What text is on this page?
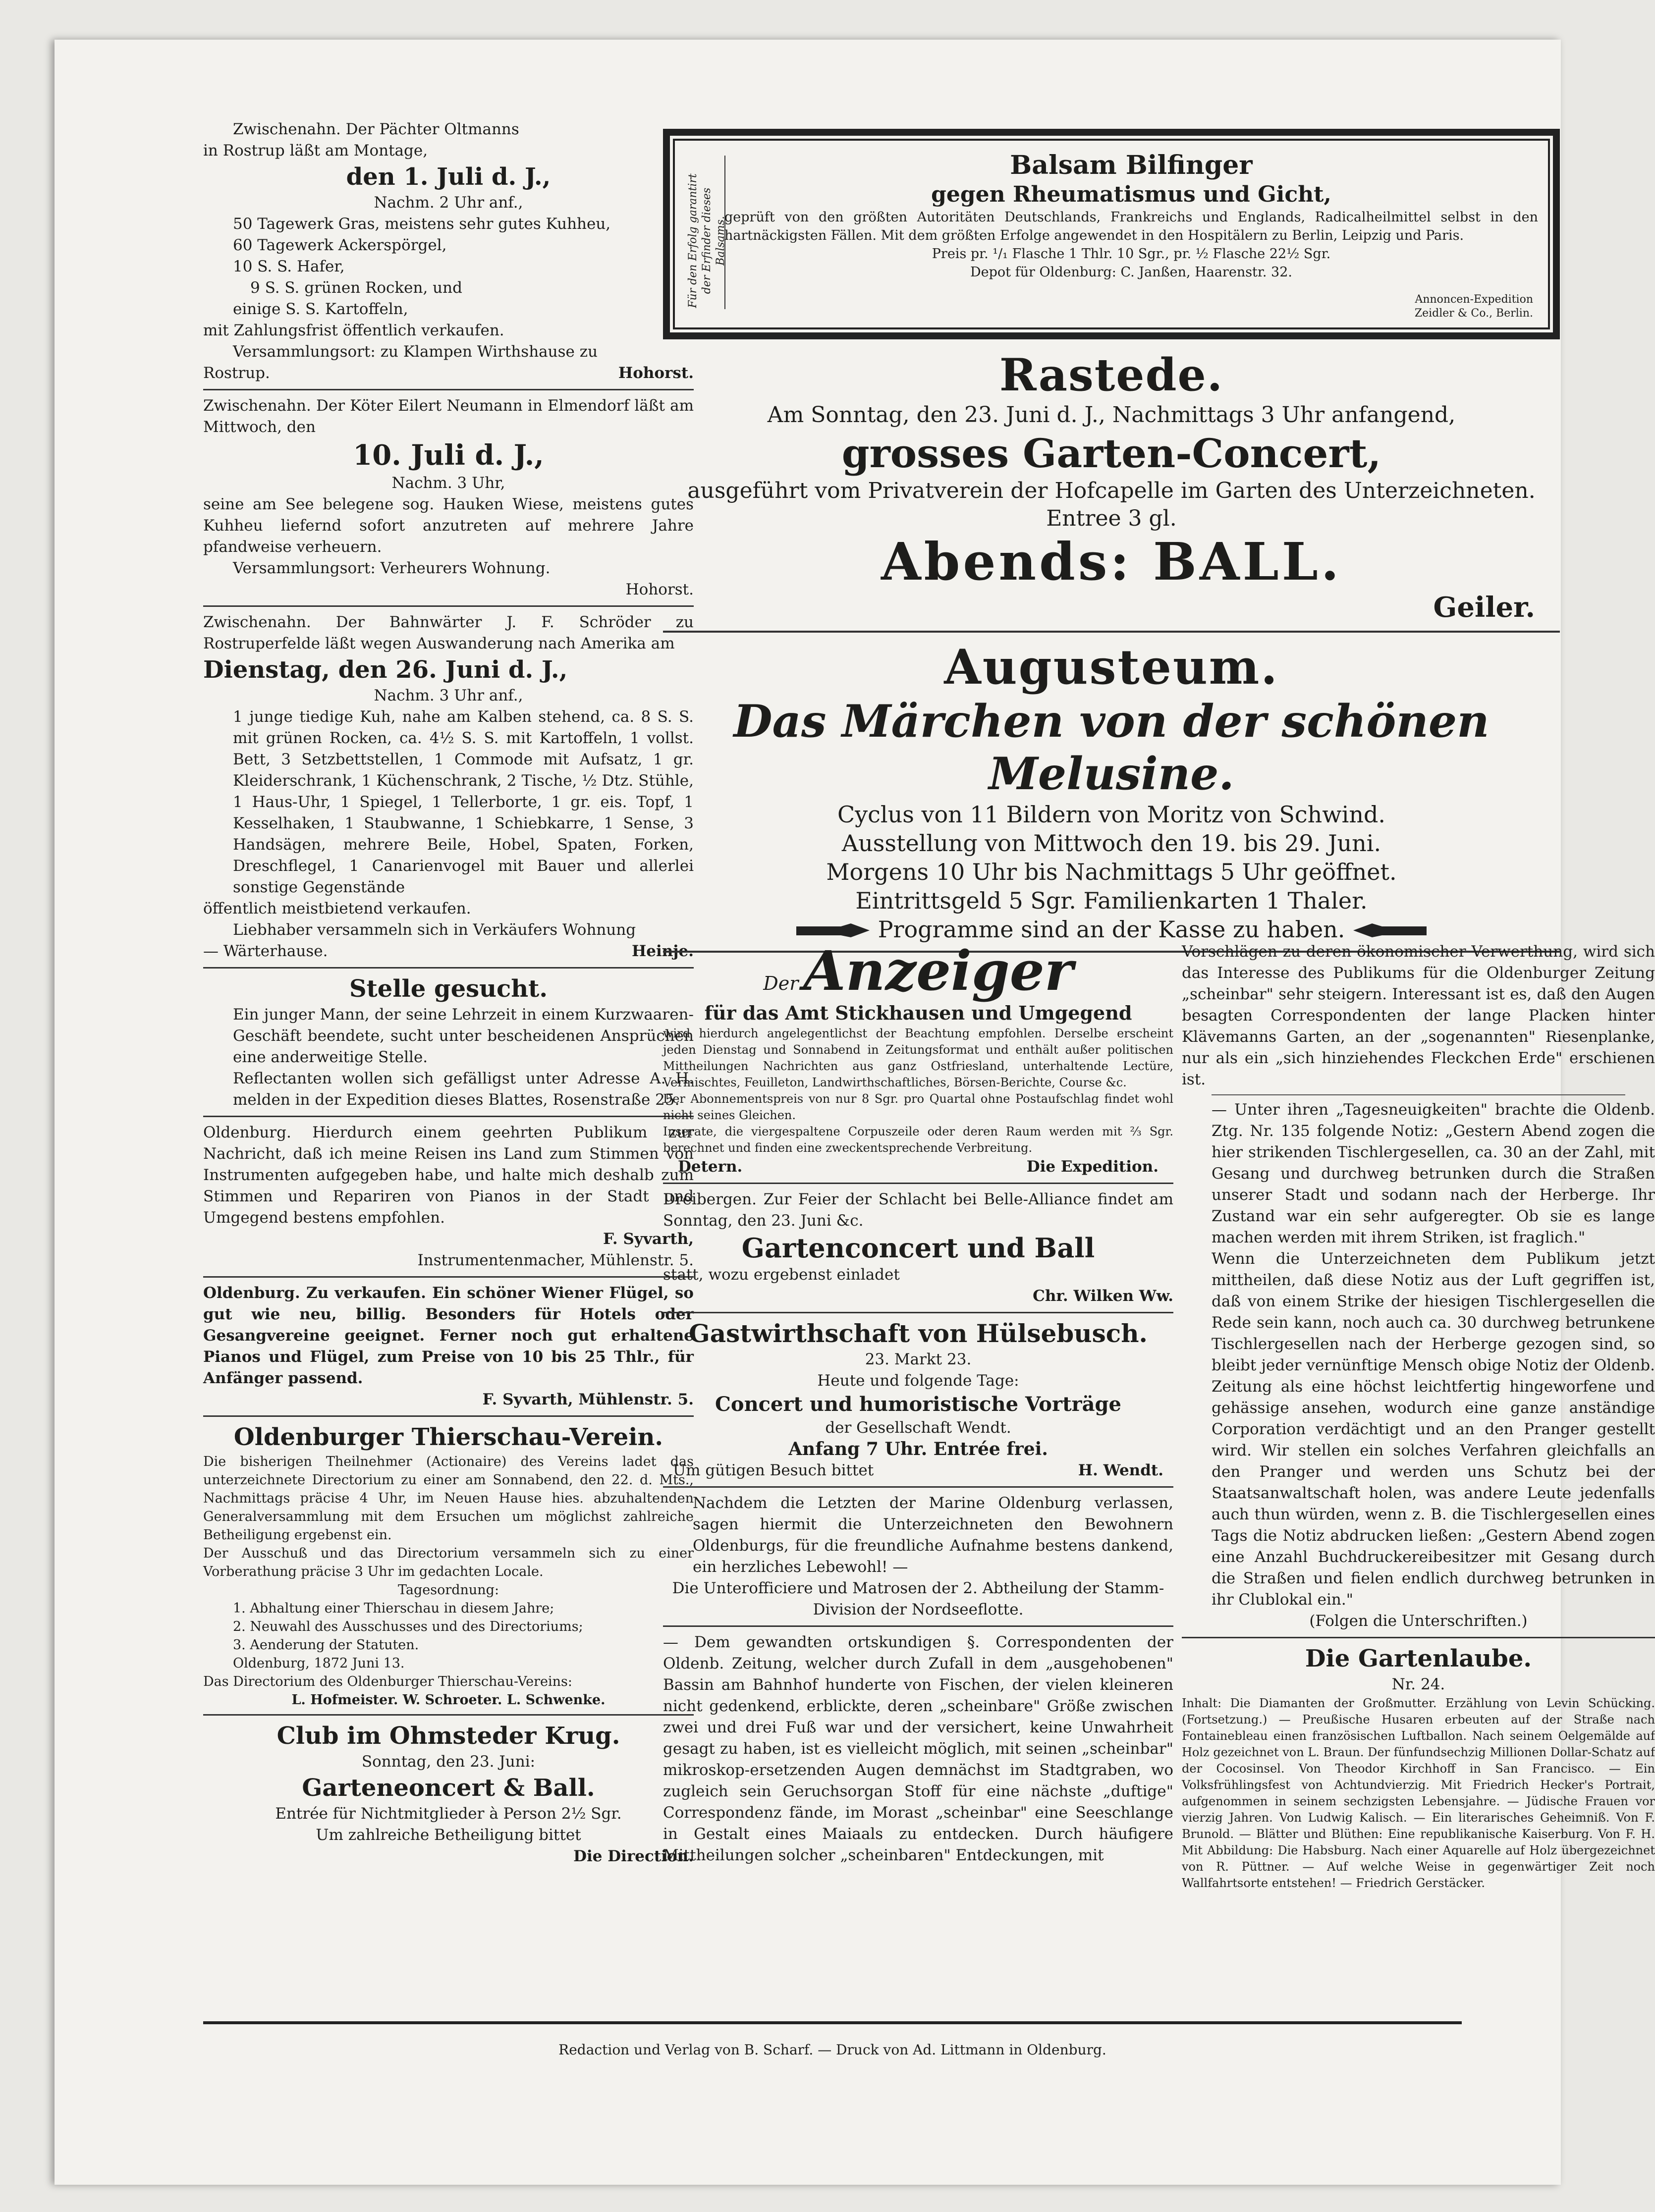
Zwischenahn. Der Pächter Oltmanns

in Rostrup läßt am Montage,

den 1. Juli d. J.,

Nachm. 2 Uhr anf.,

50 Tagewerk Gras, meistens sehr gutes Kuhheu,

60 Tagewerk Ackerspörgel,

10 S. S. Hafer,

9 S. S. grünen Rocken, und

einige S. S. Kartoffeln,

mit Zahlungsfrist öffentlich verkaufen.

Versammlungsort: zu Klampen Wirthshause zu

Rostrup.	Hohorst.

Zwischenahn. Der Köter Eilert Neumann in Elmendorf läßt am Mittwoch, den

10. Juli d. J.,

Nachm. 3 Uhr,

seine am See belegene sog. Hauken Wiese, meistens gutes Kuhheu liefernd sofort anzutreten auf mehrere Jahre pfandweise verheuern.

Versammlungsort: Verheurers Wohnung.

Hohorst.

Zwischenahn. Der Bahnwärter J. F. Schröder zu Rostruperfelde läßt wegen Auswanderung nach Amerika am

Dienstag, den 26. Juni d. J.,

Nachm. 3 Uhr anf.,

1 junge tiedige Kuh, nahe am Kalben stehend, ca. 8 S. S. mit grünen Rocken, ca. 4½ S. S. mit Kartoffeln, 1 vollst. Bett, 3 Setzbettstellen, 1 Commode mit Aufsatz, 1 gr. Kleiderschrank, 1 Küchenschrank, 2 Tische, ½ Dtz. Stühle, 1 Haus-Uhr, 1 Spiegel, 1 Tellerborte, 1 gr. eis. Topf, 1 Kesselhaken, 1 Staubwanne, 1 Schiebkarre, 1 Sense, 3 Handsägen, mehrere Beile, Hobel, Spaten, Forken, Dreschflegel, 1 Canarienvogel mit Bauer und allerlei sonstige Gegenstände

öffentlich meistbietend verkaufen.

Liebhaber versammeln sich in Verkäufers Wohnung

— Wärterhause.	Heinje.

Stelle gesucht.

Ein junger Mann, der seine Lehrzeit in einem Kurzwaaren-Geschäft beendete, sucht unter bescheidenen Ansprüchen eine anderweitige Stelle.

Reflectanten wollen sich gefälligst unter Adresse A. H. melden in der Expedition dieses Blattes, Rosenstraße 25.

Oldenburg. Hierdurch einem geehrten Publikum zur Nachricht, daß ich meine Reisen ins Land zum Stimmen von Instrumenten aufgegeben habe, und halte mich deshalb zum Stimmen und Repariren von Pianos in der Stadt und Umgegend bestens empfohlen.

F. Syvarth,

Instrumentenmacher, Mühlenstr. 5.

Oldenburg. Zu verkaufen. Ein schöner Wiener Flügel, so gut wie neu, billig. Besonders für Hotels oder Gesangvereine geeignet. Ferner noch gut erhaltene Pianos und Flügel, zum Preise von 10 bis 25 Thlr., für Anfänger passend.

F. Syvarth, Mühlenstr. 5.

Oldenburger Thierschau-Verein.

Die bisherigen Theilnehmer (Actionaire) des Vereins ladet das unterzeichnete Directorium zu einer am Sonnabend, den 22. d. Mts., Nachmittags präcise 4 Uhr, im Neuen Hause hies. abzuhaltenden Generalversammlung mit dem Ersuchen um möglichst zahlreiche Betheiligung ergebenst ein.

Der Ausschuß und das Directorium versammeln sich zu einer Vorberathung präcise 3 Uhr im gedachten Locale.

Tagesordnung:

1. Abhaltung einer Thierschau in diesem Jahre;

2. Neuwahl des Ausschusses und des Directoriums;

3. Aenderung der Statuten.

Oldenburg, 1872 Juni 13.

Das Directorium des Oldenburger Thierschau-Vereins:

L. Hofmeister. W. Schroeter. L. Schwenke.

Club im Ohmsteder Krug.

Sonntag, den 23. Juni:

Garteneoncert & Ball.

Entrée für Nichtmitglieder à Person 2½ Sgr.

Um zahlreiche Betheiligung bittet

Die Direction.

Für den Erfolg garantirt der Erfinder dieses Balsams.

Balsam Bilfinger

gegen Rheumatismus und Gicht,

geprüft von den größten Autoritäten Deutschlands, Frankreichs und Englands, Radicalheilmittel selbst in den hartnäckigsten Fällen. Mit dem größten Erfolge angewendet in den Hospitälern zu Berlin, Leipzig und Paris.

Preis pr. ¹/₁ Flasche 1 Thlr. 10 Sgr., pr. ½ Flasche 22½ Sgr.

Depot für Oldenburg: C. Janßen, Haarenstr. 32.

Annoncen-Expedition
Zeidler & Co., Berlin.

Rastede.

Am Sonntag, den 23. Juni d. J., Nachmittags 3 Uhr anfangend,

grosses Garten-Concert,

ausgeführt vom Privatverein der Hofcapelle im Garten des Unterzeichneten.

Entree 3 gl.

Abends: BALL.

Geiler.

Augusteum.

Das Märchen von der schönen Melusine.

Cyclus von 11 Bildern von Moritz von Schwind.

Ausstellung von Mittwoch den 19. bis 29. Juni.

Morgens 10 Uhr bis Nachmittags 5 Uhr geöffnet.

Eintrittsgeld 5 Sgr. Familienkarten 1 Thaler.

Programme sind an der Kasse zu haben.

Der Anzeiger

für das Amt Stickhausen und Umgegend

wird hierdurch angelegentlichst der Beachtung empfohlen. Derselbe erscheint jeden Dienstag und Sonnabend in Zeitungsformat und enthält außer politischen Mittheilungen Nachrichten aus ganz Ostfriesland, unterhaltende Lectüre, Vermischtes, Feuilleton, Landwirthschaftliches, Börsen-Berichte, Course &c.

Der Abonnementspreis von nur 8 Sgr. pro Quartal ohne Postaufschlag findet wohl nicht seines Gleichen.

Inserate, die viergespaltene Corpuszeile oder deren Raum werden mit ⅔ Sgr. berechnet und finden eine zweckentsprechende Verbreitung.

Detern.	Die Expedition.

Dreibergen. Zur Feier der Schlacht bei Belle-Alliance findet am Sonntag, den 23. Juni &c.

Gartenconcert und Ball

statt, wozu ergebenst einladet

Chr. Wilken Ww.

Gastwirthschaft von Hülsebusch.

23. Markt 23.

Heute und folgende Tage:

Concert und humoristische Vorträge

der Gesellschaft Wendt.

Anfang 7 Uhr. Entrée frei.

Um gütigen Besuch bittet	H. Wendt.

Nachdem die Letzten der Marine Oldenburg verlassen, sagen hiermit die Unterzeichneten den Bewohnern Oldenburgs, für die freundliche Aufnahme bestens dankend, ein herzliches Lebewohl! —

Die Unterofficiere und Matrosen der 2. Abtheilung der Stamm-Division der Nordseeflotte.

— Dem gewandten ortskundigen §. Correspondenten der Oldenb. Zeitung, welcher durch Zufall in dem „ausgehobenen" Bassin am Bahnhof hunderte von Fischen, der vielen kleineren nicht gedenkend, erblickte, deren „scheinbare" Größe zwischen zwei und drei Fuß war und der versichert, keine Unwahrheit gesagt zu haben, ist es vielleicht möglich, mit seinen „scheinbar" mikroskop-ersetzenden Augen demnächst im Stadtgraben, wo zugleich sein Geruchsorgan Stoff für eine nächste „duftige" Correspondenz fände, im Morast „scheinbar" eine Seeschlange in Gestalt eines Maiaals zu entdecken. Durch häufigere Mittheilungen solcher „scheinbaren" Entdeckungen, mit

Vorschlägen zu deren ökonomischer Verwerthung, wird sich das Interesse des Publikums für die Oldenburger Zeitung „scheinbar" sehr steigern. Interessant ist es, daß den Augen besagten Correspondenten der lange Placken hinter Klävemanns Garten, an der „sogenannten" Riesenplanke, nur als ein „sich hinziehendes Fleckchen Erde" erschienen ist.

— Unter ihren „Tagesneuigkeiten" brachte die Oldenb. Ztg. Nr. 135 folgende Notiz: „Gestern Abend zogen die hier strikenden Tischlergesellen, ca. 30 an der Zahl, mit Gesang und durchweg betrunken durch die Straßen unserer Stadt und sodann nach der Herberge. Ihr Zustand war ein sehr aufgeregter. Ob sie es lange machen werden mit ihrem Striken, ist fraglich."

Wenn die Unterzeichneten dem Publikum jetzt mittheilen, daß diese Notiz aus der Luft gegriffen ist, daß von einem Strike der hiesigen Tischlergesellen die Rede sein kann, noch auch ca. 30 durchweg betrunkene Tischlergesellen nach der Herberge gezogen sind, so bleibt jeder vernünftige Mensch obige Notiz der Oldenb. Zeitung als eine höchst leichtfertig hingeworfene und gehässige ansehen, wodurch eine ganze anständige Corporation verdächtigt und an den Pranger gestellt wird. Wir stellen ein solches Verfahren gleichfalls an den Pranger und werden uns Schutz bei der Staatsanwaltschaft holen, was andere Leute jedenfalls auch thun würden, wenn z. B. die Tischlergesellen eines Tags die Notiz abdrucken ließen: „Gestern Abend zogen eine Anzahl Buchdruckereibesitzer mit Gesang durch die Straßen und fielen endlich durchweg betrunken in ihr Clublokal ein."

(Folgen die Unterschriften.)

Die Gartenlaube.

Nr. 24.

Inhalt: Die Diamanten der Großmutter. Erzählung von Levin Schücking. (Fortsetzung.) — Preußische Husaren erbeuten auf der Straße nach Fontainebleau einen französischen Luftballon. Nach seinem Oelgemälde auf Holz gezeichnet von L. Braun. Der fünfundsechzig Millionen Dollar-Schatz auf der Cocosinsel. Von Theodor Kirchhoff in San Francisco. — Ein Volksfrühlingsfest von Achtundvierzig. Mit Friedrich Hecker's Portrait, aufgenommen in seinem sechzigsten Lebensjahre. — Jüdische Frauen vor vierzig Jahren. Von Ludwig Kalisch. — Ein literarisches Geheimniß. Von F. Brunold. — Blätter und Blüthen: Eine republikanische Kaiserburg. Von F. H. Mit Abbildung: Die Habsburg. Nach einer Aquarelle auf Holz übergezeichnet von R. Püttner. — Auf welche Weise in gegenwärtiger Zeit noch Wallfahrtsorte entstehen! — Friedrich Gerstäcker.

Redaction und Verlag von B. Scharf. — Druck von Ad. Littmann in Oldenburg.
